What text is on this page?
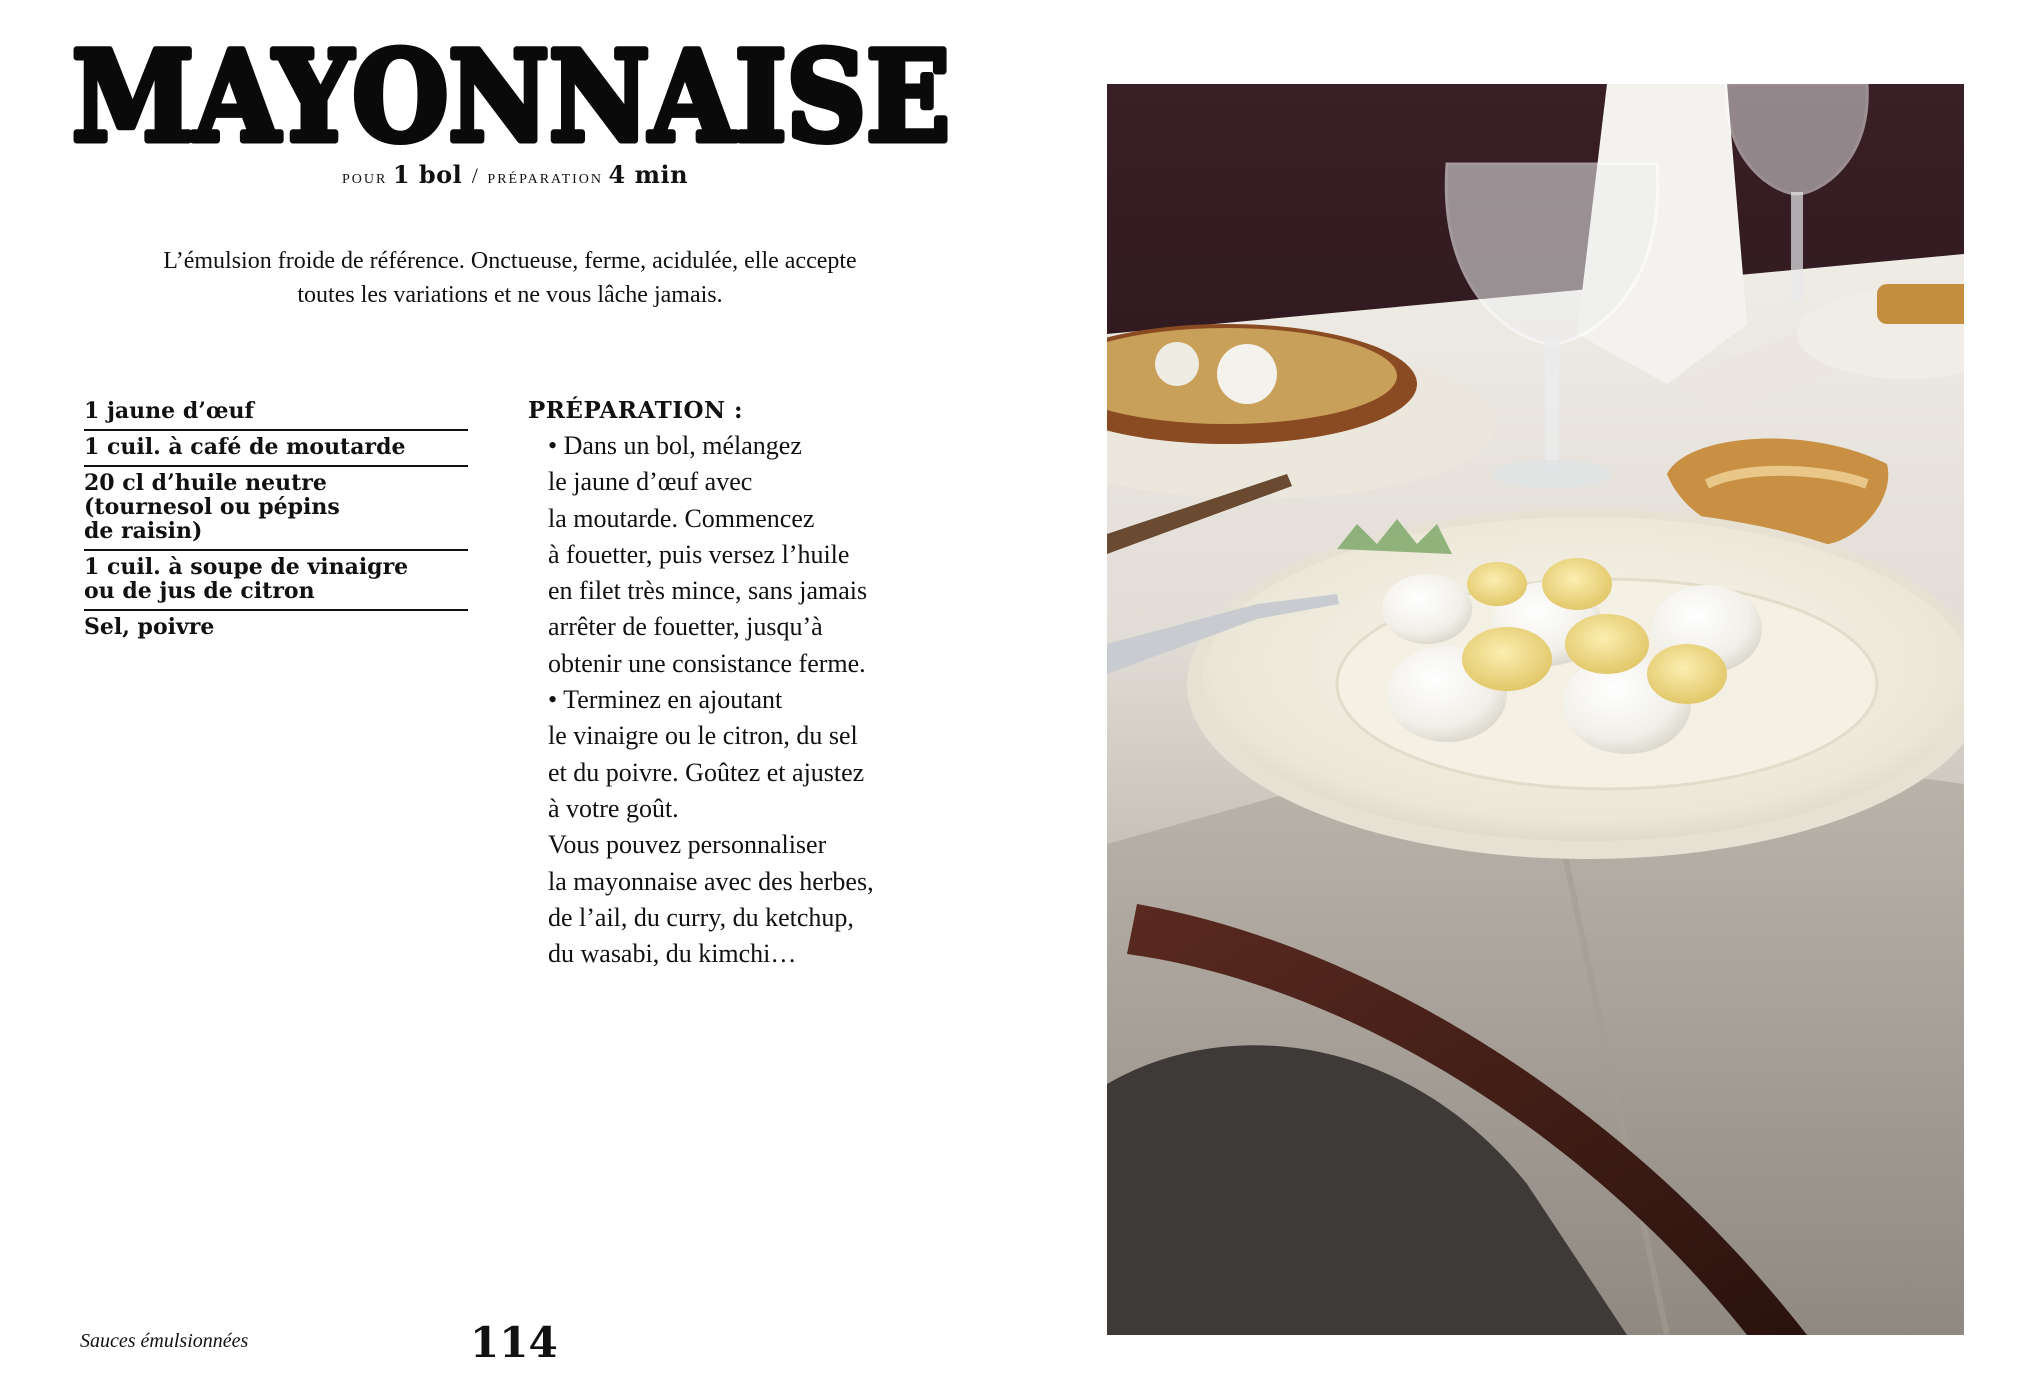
MAYONNAISE
POUR 1 bol / PRÉPARATION 4 min
L’émulsion froide de référence. Onctueuse, ferme, acidulée, elle accepte toutes les variations et ne vous lâche jamais.
1 jaune d’œuf
1 cuil. à café de moutarde
20 cl d’huile neutre
(tournesol ou pépins
de raisin)
1 cuil. à soupe de vinaigre
ou de jus de citron
Sel, poivre
PRÉPARATION :
• Dans un bol, mélangez
le jaune d’œuf avec
la moutarde. Commencez
à fouetter, puis versez l’huile
en filet très mince, sans jamais
arrêter de fouetter, jusqu’à
obtenir une consistance ferme.
• Terminez en ajoutant
le vinaigre ou le citron, du sel
et du poivre. Goûtez et ajustez
à votre goût.
Vous pouvez personnaliser
la mayonnaise avec des herbes,
de l’ail, du curry, du ketchup,
du wasabi, du kimchi…
Sauces émulsionnées	114
